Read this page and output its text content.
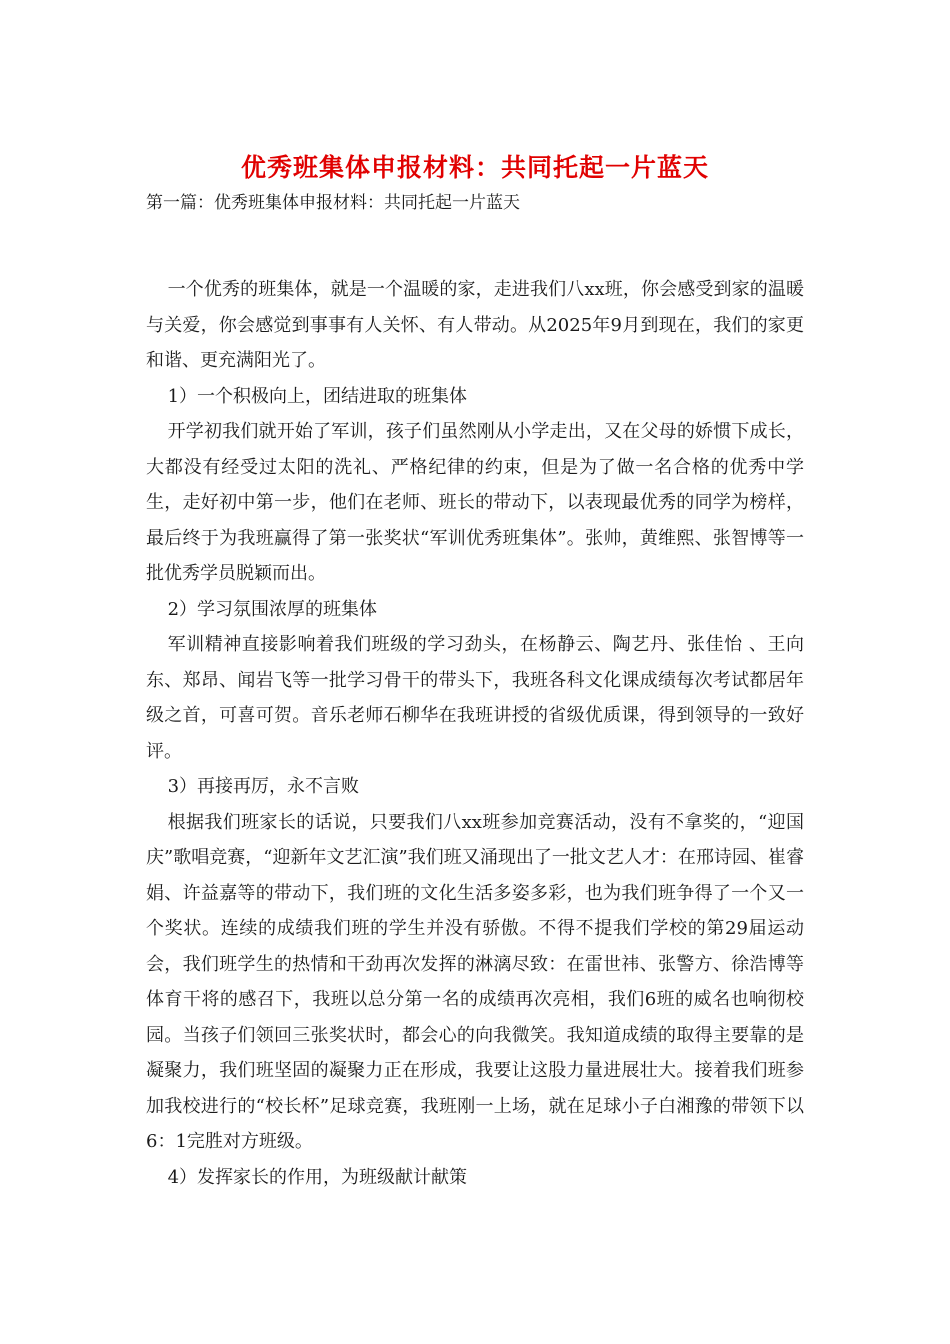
优秀班集体申报材料：共同托起一片蓝天
第一篇：优秀班集体申报材料：共同托起一片蓝天

一个优秀的班集体，就是一个温暖的家，走进我们八xx班，你会感受到家的温暖与关爱，你会感觉到事事有人关怀、有人带动。从2025年9月到现在，我们的家更和谐、更充满阳光了。

1）一个积极向上，团结进取的班集体

开学初我们就开始了军训，孩子们虽然刚从小学走出，又在父母的娇惯下成长，大都没有经受过太阳的洗礼、严格纪律的约束，但是为了做一名合格的优秀中学生，走好初中第一步，他们在老师、班长的带动下，以表现最优秀的同学为榜样，最后终于为我班赢得了第一张奖状“军训优秀班集体”。张帅，黄维熙、张智博等一批优秀学员脱颖而出。

2）学习氛围浓厚的班集体

军训精神直接影响着我们班级的学习劲头，在杨静云、陶艺丹、张佳怡 、王向东、郑昂、闻岩飞等一批学习骨干的带头下，我班各科文化课成绩每次考试都居年级之首，可喜可贺。音乐老师石柳华在我班讲授的省级优质课，得到领导的一致好评。

3）再接再厉，永不言败

根据我们班家长的话说，只要我们八xx班参加竞赛活动，没有不拿奖的，“迎国庆”歌唱竞赛，“迎新年文艺汇演”我们班又涌现出了一批文艺人才：在邢诗园、崔睿娟、许益嘉等的带动下，我们班的文化生活多姿多彩，也为我们班争得了一个又一个奖状。连续的成绩我们班的学生并没有骄傲。不得不提我们学校的第29届运动会，我们班学生的热情和干劲再次发挥的淋漓尽致：在雷世祎、张警方、徐浩博等体育干将的感召下，我班以总分第一名的成绩再次亮相，我们6班的威名也响彻校园。当孩子们领回三张奖状时，都会心的向我微笑。我知道成绩的取得主要靠的是凝聚力，我们班坚固的凝聚力正在形成，我要让这股力量进展壮大。接着我们班参加我校进行的“校长杯”足球竞赛，我班刚一上场，就在足球小子白湘豫的带领下以6：1完胜对方班级。

4）发挥家长的作用，为班级献计献策
